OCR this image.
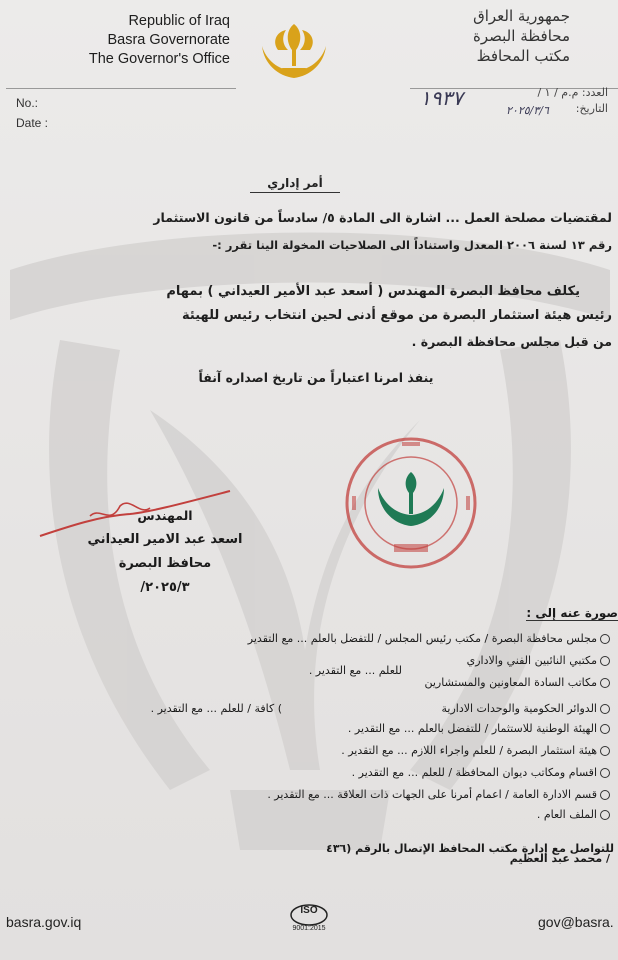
Republic of Iraq
Basra Governorate
The Governor's Office
جمهورية العراق
محافظة البصرة
مكتب المحافظ
No.:
Date :
العدد: م.م / ١ /
التاريخ:
١٩٣٧
٢٠٢٥/٣/٦
أمر إداري
لمقتضيات مصلحة العمل ... اشارة الى المادة ٥/ سادساً من قانون الاستثمار
رقم ١٣ لسنة ٢٠٠٦ المعدل واستناداً الى الصلاحيات المخولة الينا تقرر :-
يكلف محافظ البصرة المهندس ( أسعد عبد الأمير العيداني ) بمهام
رئيس هيئة استثمار البصرة من موقع أدنى لحين انتخاب رئيس للهيئة
من قبل مجلس محافظة البصرة .
ينفذ امرنا اعتباراً من تاريخ اصداره آنفاً
المهندس
اسعد عبد الامير العيداني
محافظ البصرة
٢٠٢٥/٣/
صورة عنه إلى :
مجلس محافظة البصرة / مكتب رئيس المجلس / للتفضل بالعلم ... مع التقدير
مكتبي النائبين الفني والاداري
للعلم ... مع التقدير .
مكاتب السادة المعاونين والمستشارين
الدوائر الحكومية والوحدات الادارية
) كافة / للعلم ... مع التقدير .
الهيئة الوطنية للاستثمار / للتفضل بالعلم ... مع التقدير .
هيئة استثمار البصرة / للعلم واجراء اللازم ... مع التقدير .
اقسام ومكاتب ديوان المحافظة / للعلم ... مع التقدير .
قسم الادارة العامة / اعمام أمرنا على الجهات ذات العلاقة ... مع التقدير .
الملف العام .
للتواصل مع إدارة مكتب المحافظ الإتصال بالرقم (٤٣٦
/ محمد عبد العظيم
basra.gov.iq	gov@basra.
ISO
9001:2015
